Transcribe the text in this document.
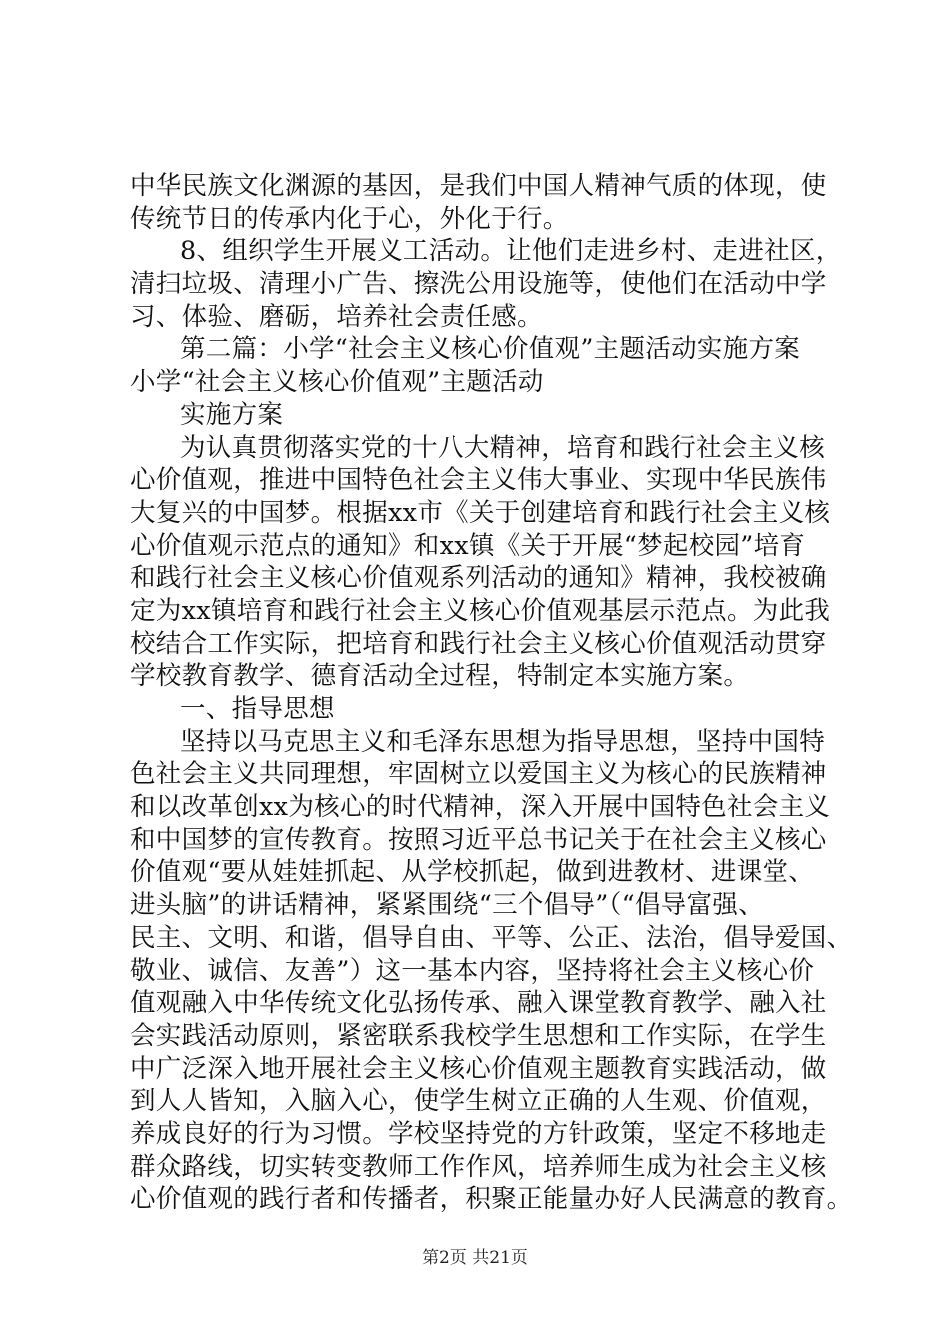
中华民族文化渊源的基因，是我们中国人精神气质的体现，使
传统节日的传承内化于心，外化于行。
8、组织学生开展义工活动。让他们走进乡村、走进社区，
清扫垃圾、清理小广告、擦洗公用设施等，使他们在活动中学
习、体验、磨砺，培养社会责任感。
第二篇：小学“社会主义核心价值观”主题活动实施方案
小学“社会主义核心价值观”主题活动
实施方案
为认真贯彻落实党的十八大精神，培育和践行社会主义核
心价值观，推进中国特色社会主义伟大事业、实现中华民族伟
大复兴的中国梦。根据xx市《关于创建培育和践行社会主义核
心价值观示范点的通知》和xx镇《关于开展“梦起校园”培育
和践行社会主义核心价值观系列活动的通知》精神，我校被确
定为xx镇培育和践行社会主义核心价值观基层示范点。为此我
校结合工作实际，把培育和践行社会主义核心价值观活动贯穿
学校教育教学、德育活动全过程，特制定本实施方案。
一、指导思想
坚持以马克思主义和毛泽东思想为指导思想，坚持中国特
色社会主义共同理想，牢固树立以爱国主义为核心的民族精神
和以改革创xx为核心的时代精神，深入开展中国特色社会主义
和中国梦的宣传教育。按照习近平总书记关于在社会主义核心
价值观“要从娃娃抓起、从学校抓起，做到进教材、进课堂、
进头脑”的讲话精神，紧紧围绕“三个倡导”（“倡导富强、
民主、文明、和谐，倡导自由、平等、公正、法治，倡导爱国、
敬业、诚信、友善”）这一基本内容，坚持将社会主义核心价
值观融入中华传统文化弘扬传承、融入课堂教育教学、融入社
会实践活动原则，紧密联系我校学生思想和工作实际，在学生
中广泛深入地开展社会主义核心价值观主题教育实践活动，做
到人人皆知，入脑入心，使学生树立正确的人生观、价值观，
养成良好的行为习惯。学校坚持党的方针政策，坚定不移地走
群众路线，切实转变教师工作作风，培养师生成为社会主义核
心价值观的践行者和传播者，积聚正能量办好人民满意的教育。
第2页 共21页
